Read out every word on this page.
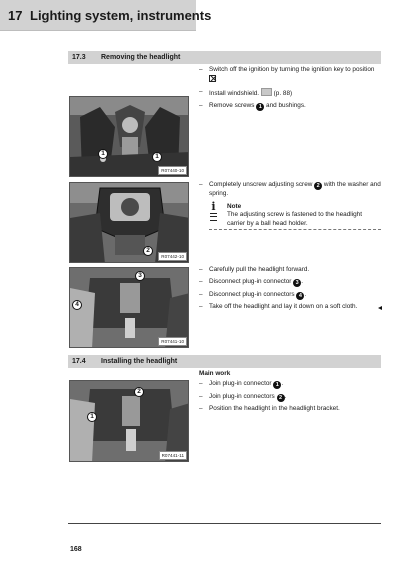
17 Lighting system, instruments
17.3 Removing the headlight
1	1
R07440-10
2
R07442-10
3
4
R07441-10
17.4 Installing the headlight
2
1
R07441-11
– Switch off the ignition by turning the ignition key to position

– Install windshield. (p. 88)
– Remove screws 1 and bushings.
– Completely unscrew adjusting screw 2 with the washer and spring.
i	Note
The adjusting screw is fastened to the headlight carrier by a ball head holder.
– Carefully pull the headlight forward.
– Disconnect plug-in connector 3 .
– Disconnect plug-in connectors 4 .
– Take off the headlight and lay it down on a soft cloth.
Main work
– Join plug-in connector 1 .
– Join plug-in connectors 2 .
– Position the headlight in the headlight bracket.
168
